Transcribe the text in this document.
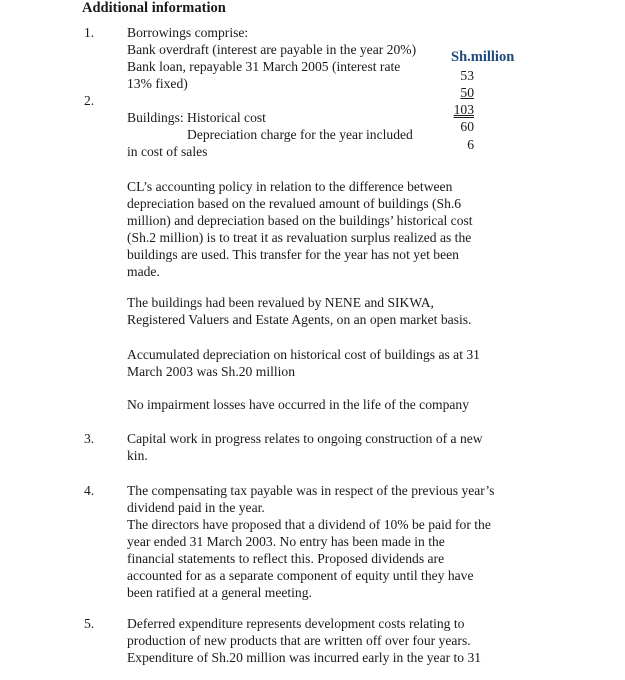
Additional information
1.
2.
3.
4.
5.
Borrowings comprise:
Bank overdraft (interest are payable in the year 20%)
Bank loan, repayable 31 March 2005 (interest rate
13% fixed)
Sh.million
53
50
103
Buildings: Historical cost
60
Depreciation charge for the year included
6
in cost of sales
CL’s accounting policy in relation to the difference between
depreciation based on the revalued amount of buildings (Sh.6
million) and depreciation based on the buildings’ historical cost
(Sh.2 million) is to treat it as revaluation surplus realized as the
buildings are used. This transfer for the year has not yet been
made.
The buildings had been revalued by NENE and SIKWA,
Registered Valuers and Estate Agents, on an open market basis.
Accumulated depreciation on historical cost of buildings as at 31
March 2003 was Sh.20 million
No impairment losses have occurred in the life of the company
Capital work in progress relates to ongoing construction of a new
kin.
The compensating tax payable was in respect of the previous year’s
dividend paid in the year.
The directors have proposed that a dividend of 10% be paid for the
year ended 31 March 2003. No entry has been made in the
financial statements to reflect this. Proposed dividends are
accounted for as a separate component of equity until they have
been ratified at a general meeting.
Deferred expenditure represents development costs relating to
production of new products that are written off over four years.
Expenditure of Sh.20 million was incurred early in the year to 31
